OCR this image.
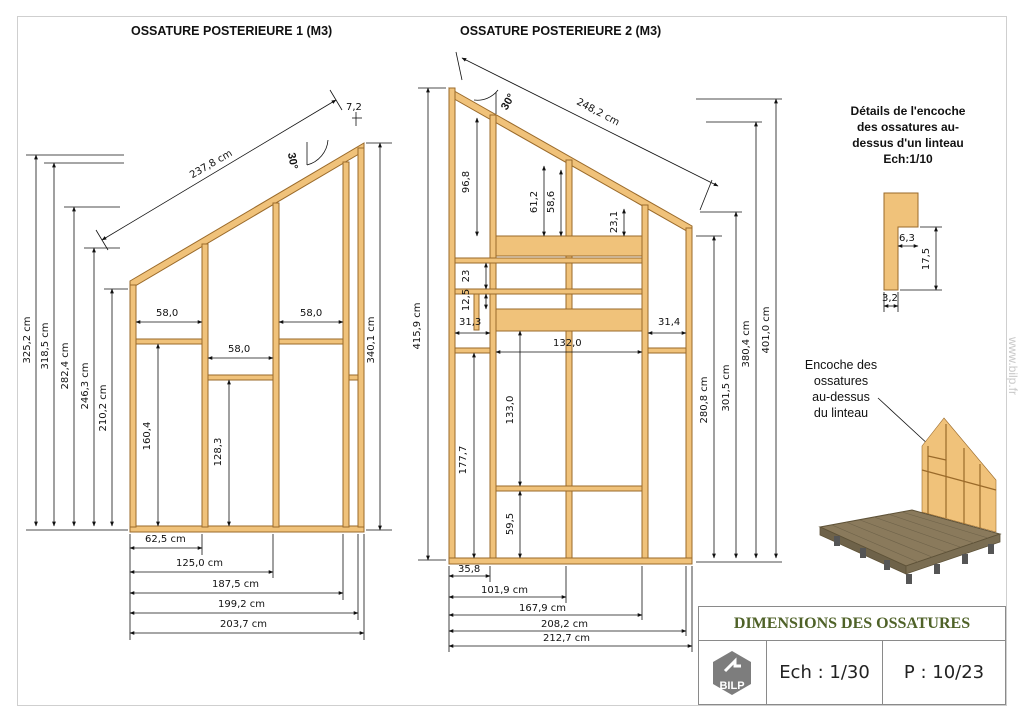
OSSATURE POSTERIEURE 1 (M3)	OSSATURE POSTERIEURE 2 (M3)
237,8 cm	30°
7,2
325,2 cm 318,5 cm 282,4 cm 246,3 cm 210,2 cm
340,1 cm
58,0
58,0
58,0
160,4
128,3
62,5 cm
125,0 cm
187,5 cm
199,2 cm
203,7 cm
248,2 cm
30°
415,9 cm
96,8
61,2 58,6
23,1
23
12,5
177,7
133,0
59,5
31,3	31,4
132,0
280,8 cm 301,5 cm
380,4 cm 401,0 cm
35,8
101,9 cm
167,9 cm
208,2 cm
212,7 cm
Détails de l'encoche
des ossatures au-
dessus d'un linteau
Ech:1/10
6,3
17,5
3,2
Encoche des
ossatures
au-dessus
du linteau
www.bilp.fr
DIMENSIONS DES OSSATURES
BILP
Ech : 1/30	P : 10/23
